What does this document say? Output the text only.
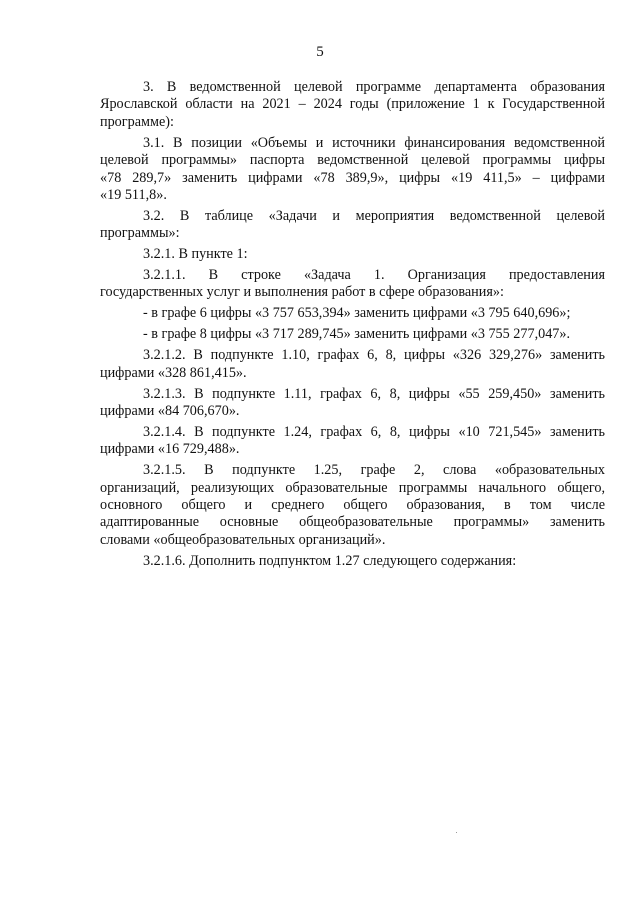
5
3. В ведомственной целевой программе департамента образования
Ярославской области на 2021 – 2024 годы (приложение 1 к Государственной
программе):
3.1. В позиции «Объемы и источники финансирования ведомственной
целевой программы» паспорта ведомственной целевой программы цифры
«78 289,7» заменить цифрами «78 389,9», цифры «19 411,5» – цифрами
«19 511,8».
3.2. В таблице «Задачи и мероприятия ведомственной целевой
программы»:
3.2.1. В пункте 1:
3.2.1.1. В строке «Задача 1. Организация предоставления
государственных услуг и выполнения работ в сфере образования»:
- в графе 6 цифры «3 757 653,394» заменить цифрами «3 795 640,696»;
- в графе 8 цифры «3 717 289,745» заменить цифрами «3 755 277,047».
3.2.1.2. В подпункте 1.10, графах 6, 8, цифры «326 329,276» заменить
цифрами «328 861,415».
3.2.1.3. В подпункте 1.11, графах 6, 8, цифры «55 259,450» заменить
цифрами «84 706,670».
3.2.1.4. В подпункте 1.24, графах 6, 8, цифры «10 721,545» заменить
цифрами «16 729,488».
3.2.1.5. В подпункте 1.25, графе 2, слова «образовательных
организаций, реализующих образовательные программы начального общего,
основного общего и среднего общего образования, в том числе
адаптированные основные общеобразовательные программы» заменить
словами «общеобразовательных организаций».
3.2.1.6. Дополнить подпунктом 1.27 следующего содержания:
